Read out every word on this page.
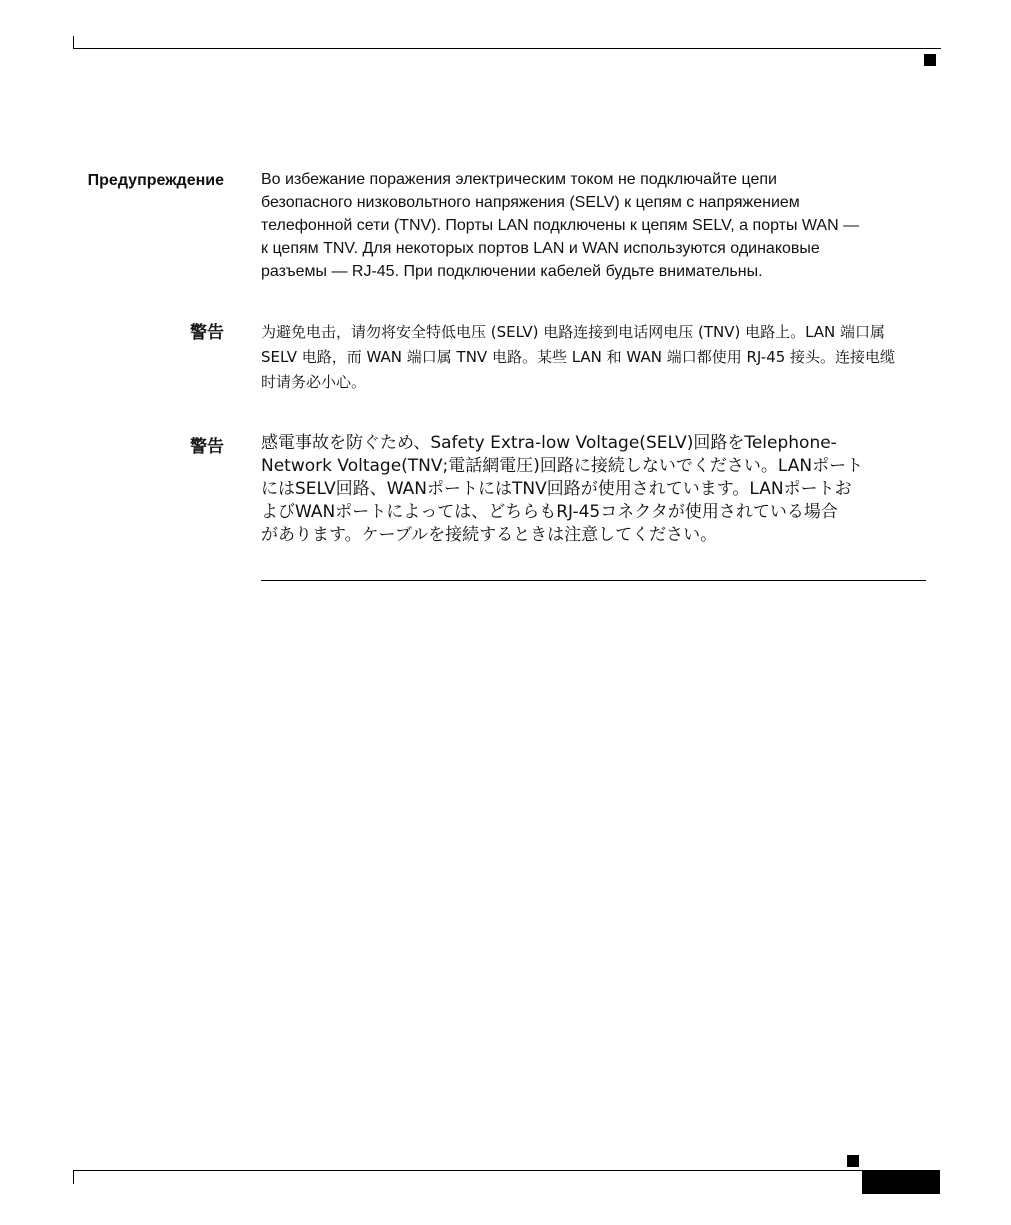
Предупреждение Во избежание поражения электрическим током не подключайте цепи
безопасного низковольтного напряжения (SELV) к цепям с напряжением
телефонной сети (TNV). Порты LAN подключены к цепям SELV, а порты WAN —
к цепям TNV. Для некоторых портов LAN и WAN используются одинаковые
разъемы — RJ-45. При подключении кабелей будьте внимательны.

警告 为避免电击，请勿将安全特低电压 (SELV) 电路连接到电话网电压 (TNV) 电路上。LAN 端口属
SELV 电路，而 WAN 端口属 TNV 电路。某些 LAN 和 WAN 端口都使用 RJ-45 接头。连接电缆
时请务必小心。

警告 感電事故を防ぐため、Safety Extra-low Voltage(SELV)回路をTelephone-
Network Voltage(TNV;電話網電圧)回路に接続しないでください。LANポート
にはSELV回路、WANポートにはTNV回路が使用されています。LANポートお
よびWANポートによっては、どちらもRJ-45コネクタが使用されている場合
があります。ケーブルを接続するときは注意してください。
